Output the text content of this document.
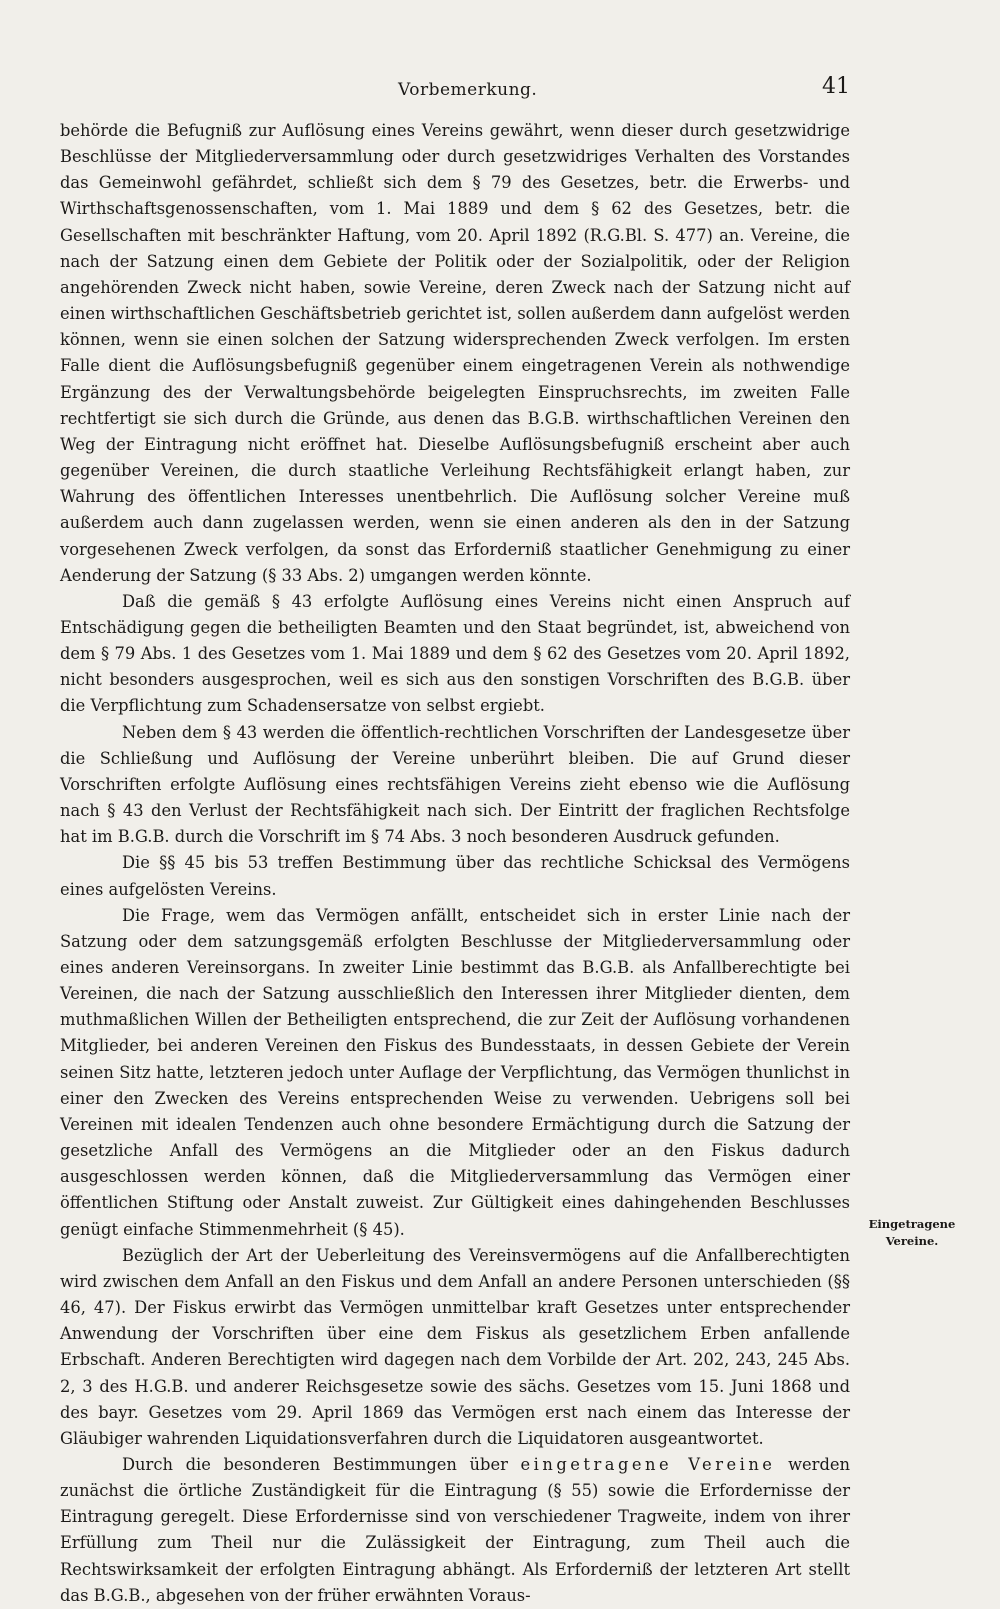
Vorbemerkung.	41

behörde die Befugniß zur Auflösung eines Vereins gewährt, wenn dieser durch gesetzwidrige Beschlüsse der Mitgliederversammlung oder durch gesetzwidriges Verhalten des Vorstandes das Gemeinwohl gefährdet, schließt sich dem § 79 des Gesetzes, betr. die Erwerbs- und Wirthschaftsgenossenschaften, vom 1. Mai 1889 und dem § 62 des Gesetzes, betr. die Gesellschaften mit beschränkter Haftung, vom 20. April 1892 (R.G.Bl. S. 477) an. Vereine, die nach der Satzung einen dem Gebiete der Politik oder der Sozialpolitik, oder der Religion angehörenden Zweck nicht haben, sowie Vereine, deren Zweck nach der Satzung nicht auf einen wirthschaftlichen Geschäftsbetrieb gerichtet ist, sollen außerdem dann aufgelöst werden können, wenn sie einen solchen der Satzung widersprechenden Zweck verfolgen. Im ersten Falle dient die Auflösungsbefugniß gegenüber einem eingetragenen Verein als nothwendige Ergänzung des der Verwaltungsbehörde beigelegten Einspruchsrechts, im zweiten Falle rechtfertigt sie sich durch die Gründe, aus denen das B.G.B. wirthschaftlichen Vereinen den Weg der Eintragung nicht eröffnet hat. Dieselbe Auflösungsbefugniß erscheint aber auch gegenüber Vereinen, die durch staatliche Verleihung Rechtsfähigkeit erlangt haben, zur Wahrung des öffentlichen Interesses unentbehrlich. Die Auflösung solcher Vereine muß außerdem auch dann zugelassen werden, wenn sie einen anderen als den in der Satzung vorgesehenen Zweck verfolgen, da sonst das Erforderniß staatlicher Genehmigung zu einer Aenderung der Satzung (§ 33 Abs. 2) umgangen werden könnte.

Daß die gemäß § 43 erfolgte Auflösung eines Vereins nicht einen Anspruch auf Entschädigung gegen die betheiligten Beamten und den Staat begründet, ist, abweichend von dem § 79 Abs. 1 des Gesetzes vom 1. Mai 1889 und dem § 62 des Gesetzes vom 20. April 1892, nicht besonders ausgesprochen, weil es sich aus den sonstigen Vorschriften des B.G.B. über die Verpflichtung zum Schadensersatze von selbst ergiebt.

Neben dem § 43 werden die öffentlich-rechtlichen Vorschriften der Landesgesetze über die Schließung und Auflösung der Vereine unberührt bleiben. Die auf Grund dieser Vorschriften erfolgte Auflösung eines rechtsfähigen Vereins zieht ebenso wie die Auflösung nach § 43 den Verlust der Rechtsfähigkeit nach sich. Der Eintritt der fraglichen Rechtsfolge hat im B.G.B. durch die Vorschrift im § 74 Abs. 3 noch besonderen Ausdruck gefunden.

Die §§ 45 bis 53 treffen Bestimmung über das rechtliche Schicksal des Vermögens eines aufgelösten Vereins.

Die Frage, wem das Vermögen anfällt, entscheidet sich in erster Linie nach der Satzung oder dem satzungsgemäß erfolgten Beschlusse der Mitgliederversammlung oder eines anderen Vereinsorgans. In zweiter Linie bestimmt das B.G.B. als Anfallberechtigte bei Vereinen, die nach der Satzung ausschließlich den Interessen ihrer Mitglieder dienten, dem muthmaßlichen Willen der Betheiligten entsprechend, die zur Zeit der Auflösung vorhandenen Mitglieder, bei anderen Vereinen den Fiskus des Bundesstaats, in dessen Gebiete der Verein seinen Sitz hatte, letzteren jedoch unter Auflage der Verpflichtung, das Vermögen thunlichst in einer den Zwecken des Vereins entsprechenden Weise zu verwenden. Uebrigens soll bei Vereinen mit idealen Tendenzen auch ohne besondere Ermächtigung durch die Satzung der gesetzliche Anfall des Vermögens an die Mitglieder oder an den Fiskus dadurch ausgeschlossen werden können, daß die Mitgliederversammlung das Vermögen einer öffentlichen Stiftung oder Anstalt zuweist. Zur Gültigkeit eines dahingehenden Beschlusses genügt einfache Stimmenmehrheit (§ 45).

Bezüglich der Art der Ueberleitung des Vereinsvermögens auf die Anfallberechtigten wird zwischen dem Anfall an den Fiskus und dem Anfall an andere Personen unterschieden (§§ 46, 47). Der Fiskus erwirbt das Vermögen unmittelbar kraft Gesetzes unter entsprechender Anwendung der Vorschriften über eine dem Fiskus als gesetzlichem Erben anfallende Erbschaft. Anderen Berechtigten wird dagegen nach dem Vorbilde der Art. 202, 243, 245 Abs. 2, 3 des H.G.B. und anderer Reichsgesetze sowie des sächs. Gesetzes vom 15. Juni 1868 und des bayr. Gesetzes vom 29. April 1869 das Vermögen erst nach einem das Interesse der Gläubiger wahrenden Liquidationsverfahren durch die Liquidatoren ausgeantwortet.

Durch die besonderen Bestimmungen über eingetragene Vereine werden zunächst die örtliche Zuständigkeit für die Eintragung (§ 55) sowie die Erfordernisse der Eintragung geregelt. Diese Erfordernisse sind von verschiedener Tragweite, indem von ihrer Erfüllung zum Theil nur die Zulässigkeit der Eintragung, zum Theil auch die Rechtswirksamkeit der erfolgten Eintragung abhängt. Als Erforderniß der letzteren Art stellt das B.G.B., abgesehen von der früher erwähnten Voraus-

Eingetragene Vereine.
